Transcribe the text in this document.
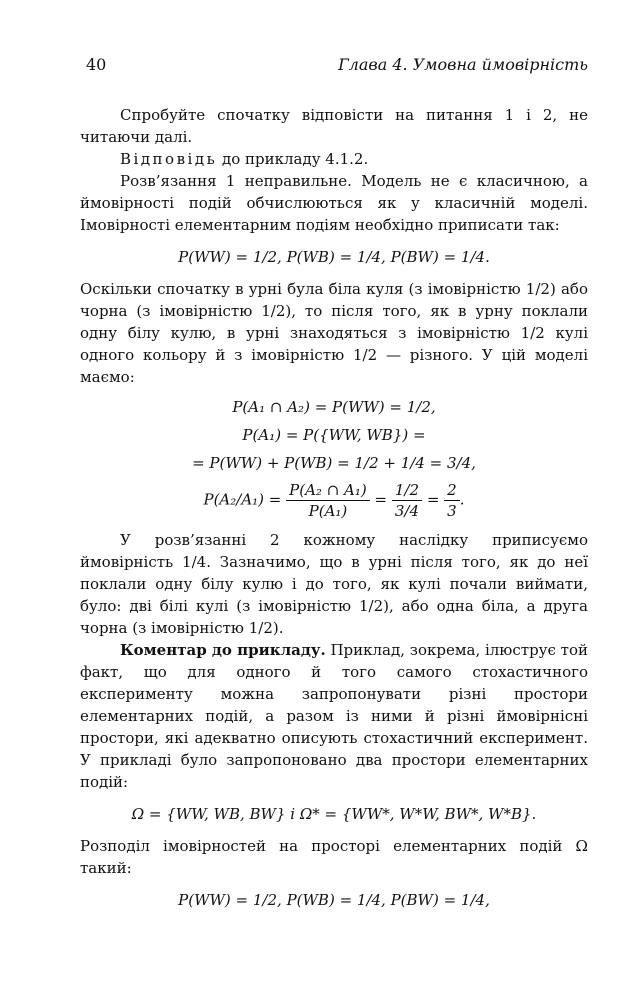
40	Глава 4. Умовна ймовірність

Спробуйте спочатку відповісти на питання 1 і 2, не читаючи далі.

Відповідь до прикладу 4.1.2.

Розв’язання 1 неправильне. Модель не є класичною, а ймовірності подій обчислюються як у класичній моделі. Імовірності елементарним подіям необхідно приписати так:

P(WW) = 1/2, P(WB) = 1/4, P(BW) = 1/4.

Оскільки спочатку в урні була біла куля (з імовірністю 1/2) або чорна (з імовірністю 1/2), то після того, як в урну поклали одну білу кулю, в урні знаходяться з імовірністю 1/2 кулі одного кольору й з імовірністю 1/2 — різного. У цій моделі маємо:

P(A₁ ∩ A₂) = P(WW) = 1/2,
P(A₁) = P({WW, WB}) =
= P(WW) + P(WB) = 1/2 + 1/4 = 3/4,
$P(A_2/A_1) = \frac{\text{P(A₂ ∩ A₁)}}{\text{P(A₁)}} = \frac{1/2}{3/4} = \frac{2}{3}$ .

У розв’язанні 2 кожному наслідку приписуємо ймовірність 1/4. Зазначимо, що в урні після того, як до неї поклали одну білу кулю і до того, як кулі почали виймати, було: дві білі кулі (з імовірністю 1/2), або одна біла, а друга чорна (з імовірністю 1/2).

Коментар до прикладу. Приклад, зокрема, ілюструє той факт, що для одного й того самого стохастичного експерименту можна запропонувати різні простори елементарних подій, а разом із ними й різні ймовірнісні простори, які адекватно описують стохастичний експеримент. У прикладі було запропоновано два простори елементарних подій:

Ω = {WW, WB, BW} і Ω* = {WW*, W*W, BW*, W*B}.

Розподіл імовірностей на просторі елементарних подій Ω такий:

P(WW) = 1/2, P(WB) = 1/4, P(BW) = 1/4,
